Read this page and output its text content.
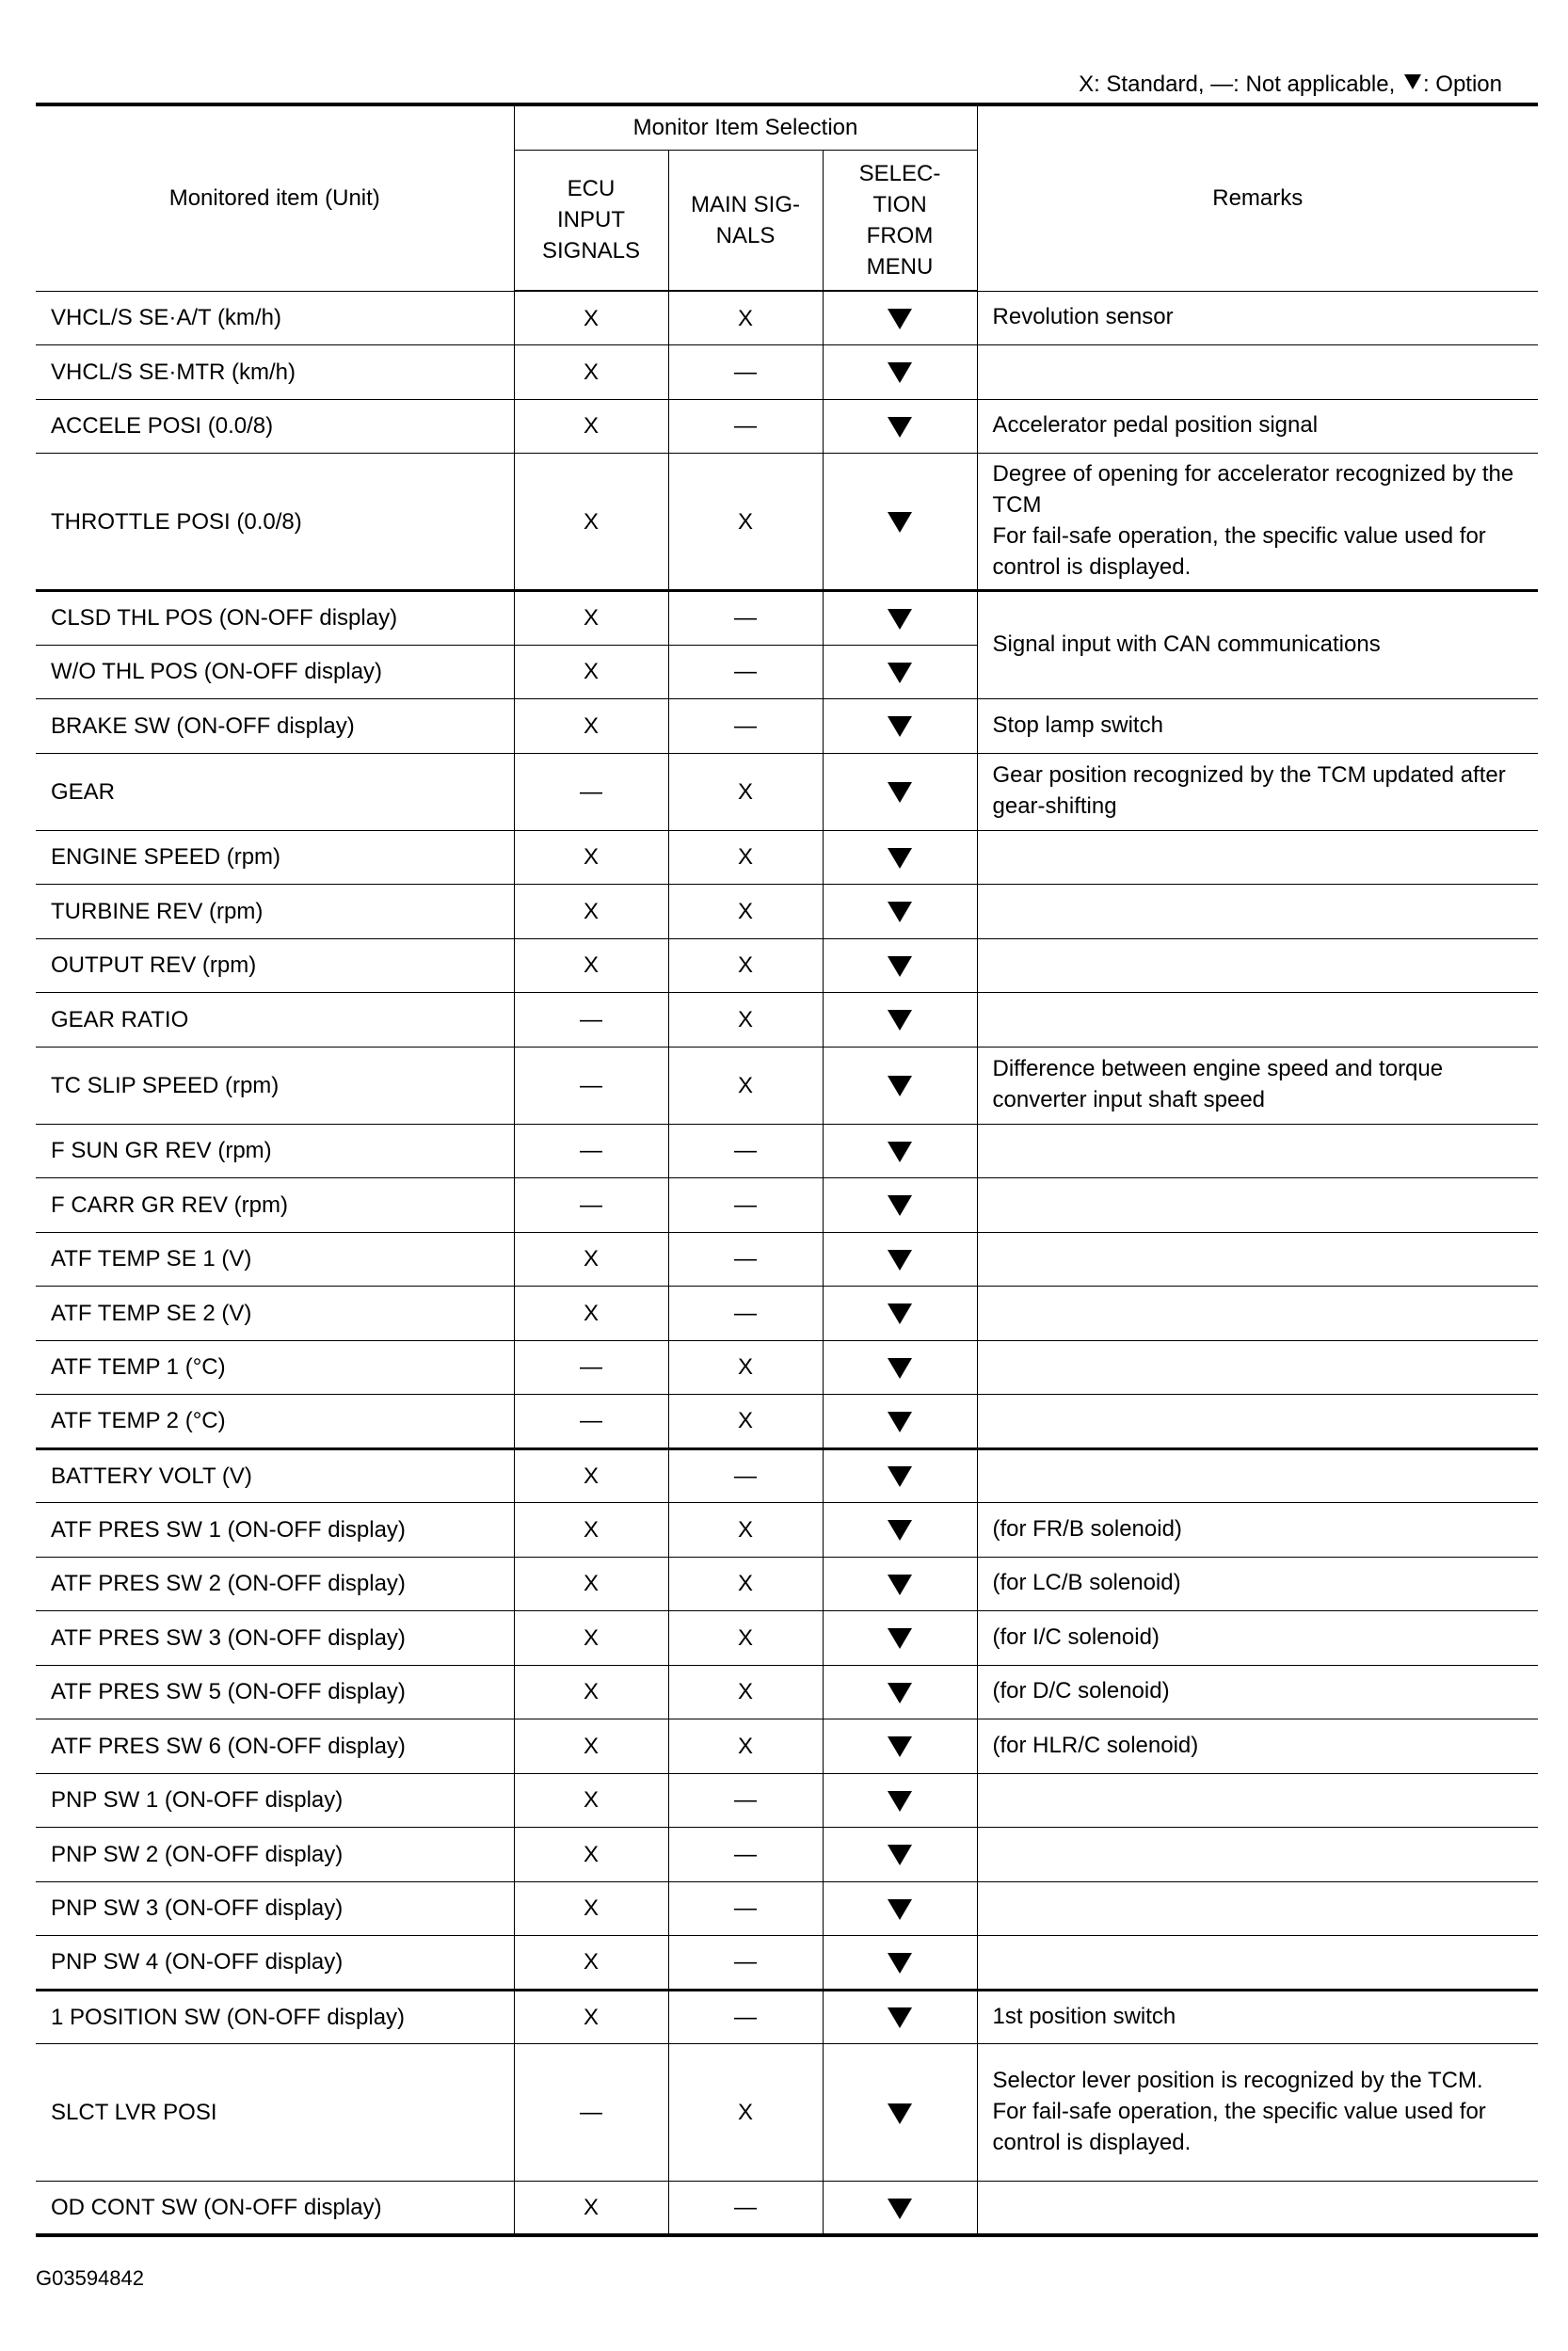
X: Standard, —: Not applicable, : Option
Monitored item (Unit)	Monitor Item Selection			Remarks
	ECU INPUT SIGNALS	MAIN SIG- NALS	SELEC- TION FROM MENU	
VHCL/S SE·A/T (km/h)	X	X		Revolution sensor
VHCL/S SE·MTR (km/h)	X	—		
ACCELE POSI (0.0/8)	X	—		Accelerator pedal position signal
THROTTLE POSI (0.0/8)	X	X		Degree of opening for accelerator recognized by the TCM
For fail-safe operation, the specific value used for control is displayed.
CLSD THL POS (ON-OFF display)	X	—		Signal input with CAN communications
W/O THL POS (ON-OFF display)	X	—		
BRAKE SW (ON-OFF display)	X	—		Stop lamp switch
GEAR	—	X		Gear position recognized by the TCM updated after gear-shifting
ENGINE SPEED (rpm)	X	X		
TURBINE REV (rpm)	X	X		
OUTPUT REV (rpm)	X	X		
GEAR RATIO	—	X		
TC SLIP SPEED (rpm)	—	X		Difference between engine speed and torque converter input shaft speed
F SUN GR REV (rpm)	—	—		
F CARR GR REV (rpm)	—	—		
ATF TEMP SE 1 (V)	X	—		
ATF TEMP SE 2 (V)	X	—		
ATF TEMP 1 (°C)	—	X		
ATF TEMP 2 (°C)	—	X		
BATTERY VOLT (V)	X	—		
ATF PRES SW 1 (ON-OFF display)	X	X		(for FR/B solenoid)
ATF PRES SW 2 (ON-OFF display)	X	X		(for LC/B solenoid)
ATF PRES SW 3 (ON-OFF display)	X	X		(for I/C solenoid)
ATF PRES SW 5 (ON-OFF display)	X	X		(for D/C solenoid)
ATF PRES SW 6 (ON-OFF display)	X	X		(for HLR/C solenoid)
PNP SW 1 (ON-OFF display)	X	—		
PNP SW 2 (ON-OFF display)	X	—		
PNP SW 3 (ON-OFF display)	X	—		
PNP SW 4 (ON-OFF display)	X	—		
1 POSITION SW (ON-OFF display)	X	—		1st position switch
SLCT LVR POSI	—	X		Selector lever position is recognized by the TCM.
For fail-safe operation, the specific value used for control is displayed.
OD CONT SW (ON-OFF display)	X	—		
G03594842
